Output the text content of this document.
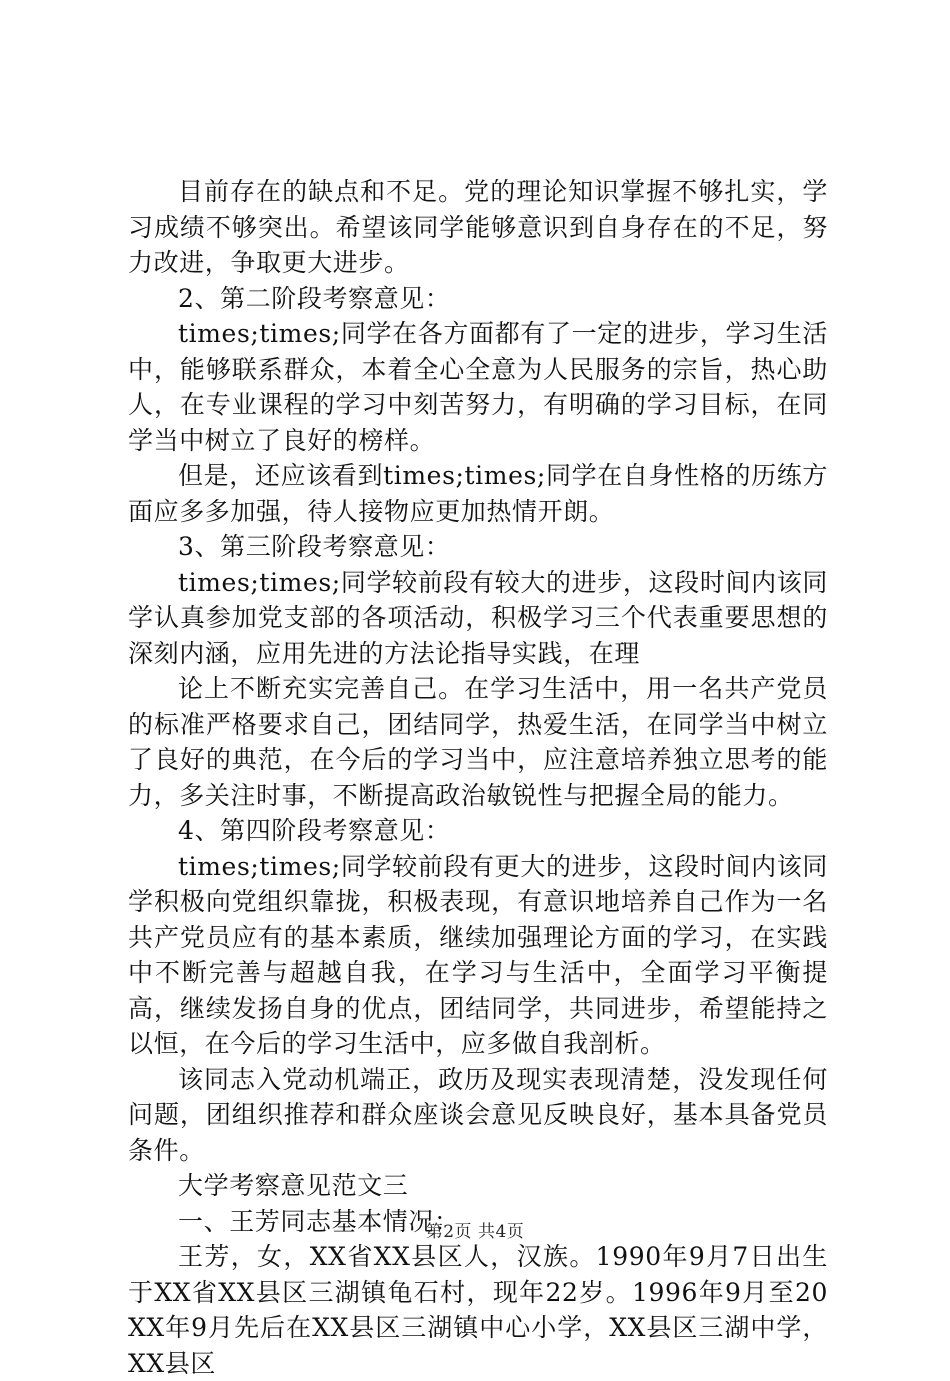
目前存在的缺点和不足。党的理论知识掌握不够扎实，学习成绩不够突出。希望该同学能够意识到自身存在的不足，努力改进，争取更大进步。

2、第二阶段考察意见：

times;times;同学在各方面都有了一定的进步，学习生活中，能够联系群众，本着全心全意为人民服务的宗旨，热心助人，在专业课程的学习中刻苦努力，有明确的学习目标，在同学当中树立了良好的榜样。

但是，还应该看到times;times;同学在自身性格的历练方面应多多加强，待人接物应更加热情开朗。

3、第三阶段考察意见：

times;times;同学较前段有较大的进步，这段时间内该同学认真参加党支部的各项活动，积极学习三个代表重要思想的深刻内涵，应用先进的方法论指导实践，在理

论上不断充实完善自己。在学习生活中，用一名共产党员的标准严格要求自己，团结同学，热爱生活，在同学当中树立了良好的典范，在今后的学习当中，应注意培养独立思考的能力，多关注时事，不断提高政治敏锐性与把握全局的能力。

4、第四阶段考察意见：

times;times;同学较前段有更大的进步，这段时间内该同学积极向党组织靠拢，积极表现，有意识地培养自己作为一名共产党员应有的基本素质，继续加强理论方面的学习，在实践中不断完善与超越自我，在学习与生活中，全面学习平衡提高，继续发扬自身的优点，团结同学，共同进步，希望能持之以恒，在今后的学习生活中，应多做自我剖析。

该同志入党动机端正，政历及现实表现清楚，没发现任何问题，团组织推荐和群众座谈会意见反映良好，基本具备党员条件。

大学考察意见范文三

一、王芳同志基本情况：

王芳，女，XX省XX县区人，汉族。1990年9月7日出生于XX省XX县区三湖镇龟石村，现年22岁。1996年9月至20XX年9月先后在XX县区三湖镇中心小学，XX县区三湖中学，XX县区

第2页 共4页
